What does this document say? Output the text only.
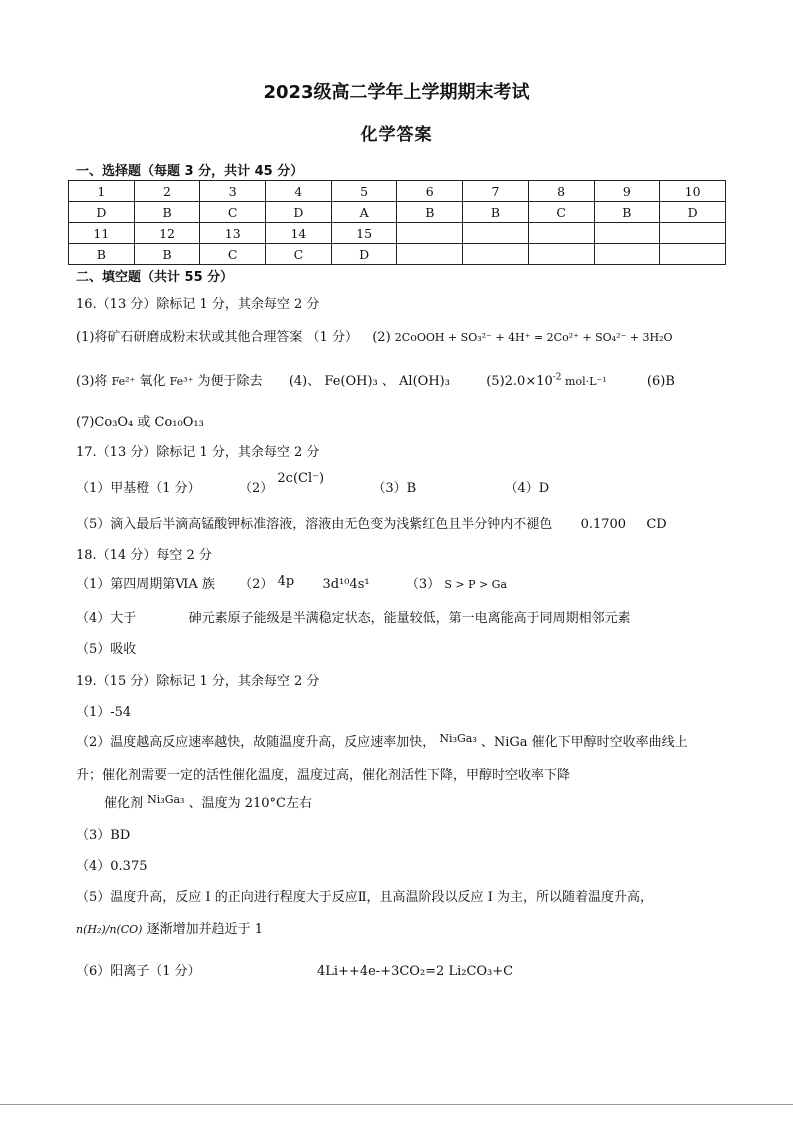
2023级高二学年上学期期末考试
化学答案
一、选择题（每题 3 分，共计 45 分）
1	2	3	4	5	6	7	8	9	10
D	B	C	D	A	B	B	C	B	D
11	12	13	14	15					
B	B	C	C	D					
二、填空题（共计 55 分）
16.（13 分）除标记 1 分，其余每空 2 分
(1)将矿石研磨成粉末状或其他合理答案 （1 分） (2) 2CoOOH + SO₃²⁻ + 4H⁺ = 2Co²⁺ + SO₄²⁻ + 3H₂O
(3)将 Fe²⁺ 氧化 Fe³⁺ 为便于除去 (4)、 Fe(OH)₃ 、 Al(OH)₃	$(5)2.0\times 10^{-2}$ mol·L⁻¹	(6)B
(7)Co₃O₄ 或 Co₁₀O₁₃
17.（13 分）除标记 1 分，其余每空 2 分
（1）甲基橙（1 分）	（2） 2c(Cl⁻)  （3）B	（4）D
（5）滴入最后半滴高锰酸钾标准溶液，溶液由无色变为浅紫红色且半分钟内不褪色 0.1700 CD
18.（14 分）每空 2 分
（1）第四周期第ⅥA 族 （2） 4p 3d¹⁰4s¹	（3） S > P > Ga
（4）大于	砷元素原子能级是半满稳定状态，能量较低，第一电离能高于同周期相邻元素
（5）吸收
19.（15 分）除标记 1 分，其余每空 2 分
（1）-54
（2）温度越高反应速率越快，故随温度升高，反应速率加快， $^{Ni_3Ga_3}$ 、NiGa 催化下甲醇时空收率曲线上
升；催化剂需要一定的活性催化温度，温度过高，催化剂活性下降，甲醇时空收率下降
催化剂 $^{Ni_3Ga_3}$ 、温度为 210°C左右
（3）BD
（4）0.375
（5）温度升高，反应 Ⅰ 的正向进行程度大于反应Ⅱ，且高温阶段以反应 Ⅰ 为主，所以随着温度升高，
n(H₂)/n(CO) 逐渐增加并趋近于 1
（6）阳离子（1 分）	4Li++4e-+3CO₂=2 Li₂CO₃+C
